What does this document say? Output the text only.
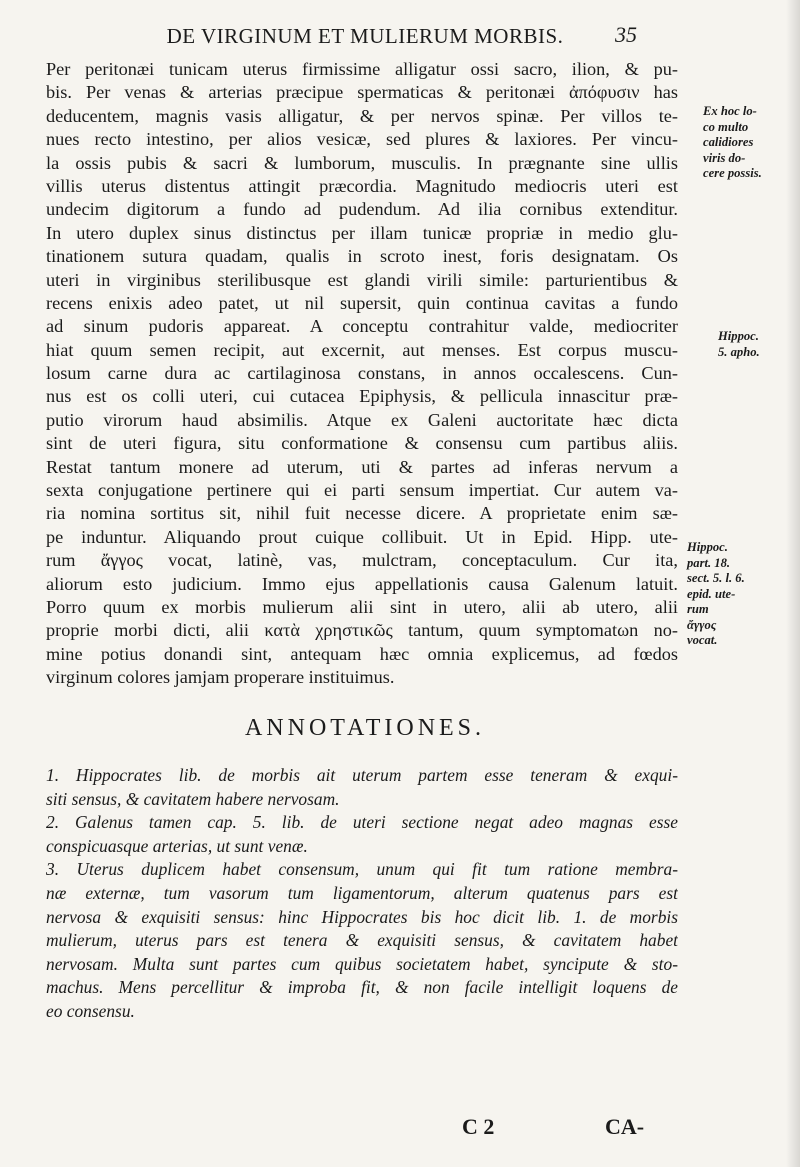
DE VIRGINUM ET MULIERUM MORBIS.	35
Per peritonæi tunicam uterus firmissime alligatur ossi sacro, ilion, & pu-
bis. Per venas & arterias præcipue spermaticas & peritonæi ἀπόφυσιν has
deducentem, magnis vasis alligatur, & per nervos spinæ. Per villos te-
nues recto intestino, per alios vesicæ, sed plures & laxiores. Per vincu-
la ossis pubis & sacri & lumborum, musculis. In prægnante sine ullis
villis uterus distentus attingit præcordia. Magnitudo mediocris uteri est
undecim digitorum a fundo ad pudendum. Ad ilia cornibus extenditur.
In utero duplex sinus distinctus per illam tunicæ propriæ in medio glu-
tinationem sutura quadam, qualis in scroto inest, foris designatam. Os
uteri in virginibus sterilibusque est glandi virili simile: parturientibus &
recens enixis adeo patet, ut nil supersit, quin continua cavitas a fundo
ad sinum pudoris appareat. A conceptu contrahitur valde, mediocriter
hiat quum semen recipit, aut excernit, aut menses. Est corpus muscu-
losum carne dura ac cartilaginosa constans, in annos occalescens. Cun-
nus est os colli uteri, cui cutacea Epiphysis, & pellicula innascitur præ-
putio virorum haud absimilis. Atque ex Galeni auctoritate hæc dicta
sint de uteri figura, situ conformatione & consensu cum partibus aliis.
Restat tantum monere ad uterum, uti & partes ad inferas nervum a
sexta conjugatione pertinere qui ei parti sensum impertiat. Cur autem va-
ria nomina sortitus sit, nihil fuit necesse dicere. A proprietate enim sæ-
pe induntur. Aliquando prout cuique collibuit. Ut in Epid. Hipp. ute-
rum ἄγγος vocat, latinè, vas, mulctram, conceptaculum. Cur ita,
aliorum esto judicium. Immo ejus appellationis causa Galenum latuit.
Porro quum ex morbis mulierum alii sint in utero, alii ab utero, alii
proprie morbi dicti, alii κατὰ χρηστικῶς tantum, quum symptomatωn no-
mine potius donandi sint, antequam hæc omnia explicemus, ad fœdos
virginum colores jamjam properare instituimus.
Ex hoc lo-
co multo
calidiores
viris do-
cere possis.
Hippoc.
5. apho.
Hippoc.
part. 18.
sect. 5. l. 6.
epid. ute-
rum
ἄγγος
vocat.
ANNOTATIONES.
1. Hippocrates lib. de morbis ait uterum partem esse teneram & exqui-
siti sensus, & cavitatem habere nervosam.
2. Galenus tamen cap. 5. lib. de uteri sectione negat adeo magnas esse
conspicuasque arterias, ut sunt venæ.
3. Uterus duplicem habet consensum, unum qui fit tum ratione membra-
næ externæ, tum vasorum tum ligamentorum, alterum quatenus pars est
nervosa & exquisiti sensus: hinc Hippocrates bis hoc dicit lib. 1. de morbis
mulierum, uterus pars est tenera & exquisiti sensus, & cavitatem habet
nervosam. Multa sunt partes cum quibus societatem habet, syncipute & sto-
machus. Mens percellitur & improba fit, & non facile intelligit loquens de
eo consensu.
C 2	CA-
